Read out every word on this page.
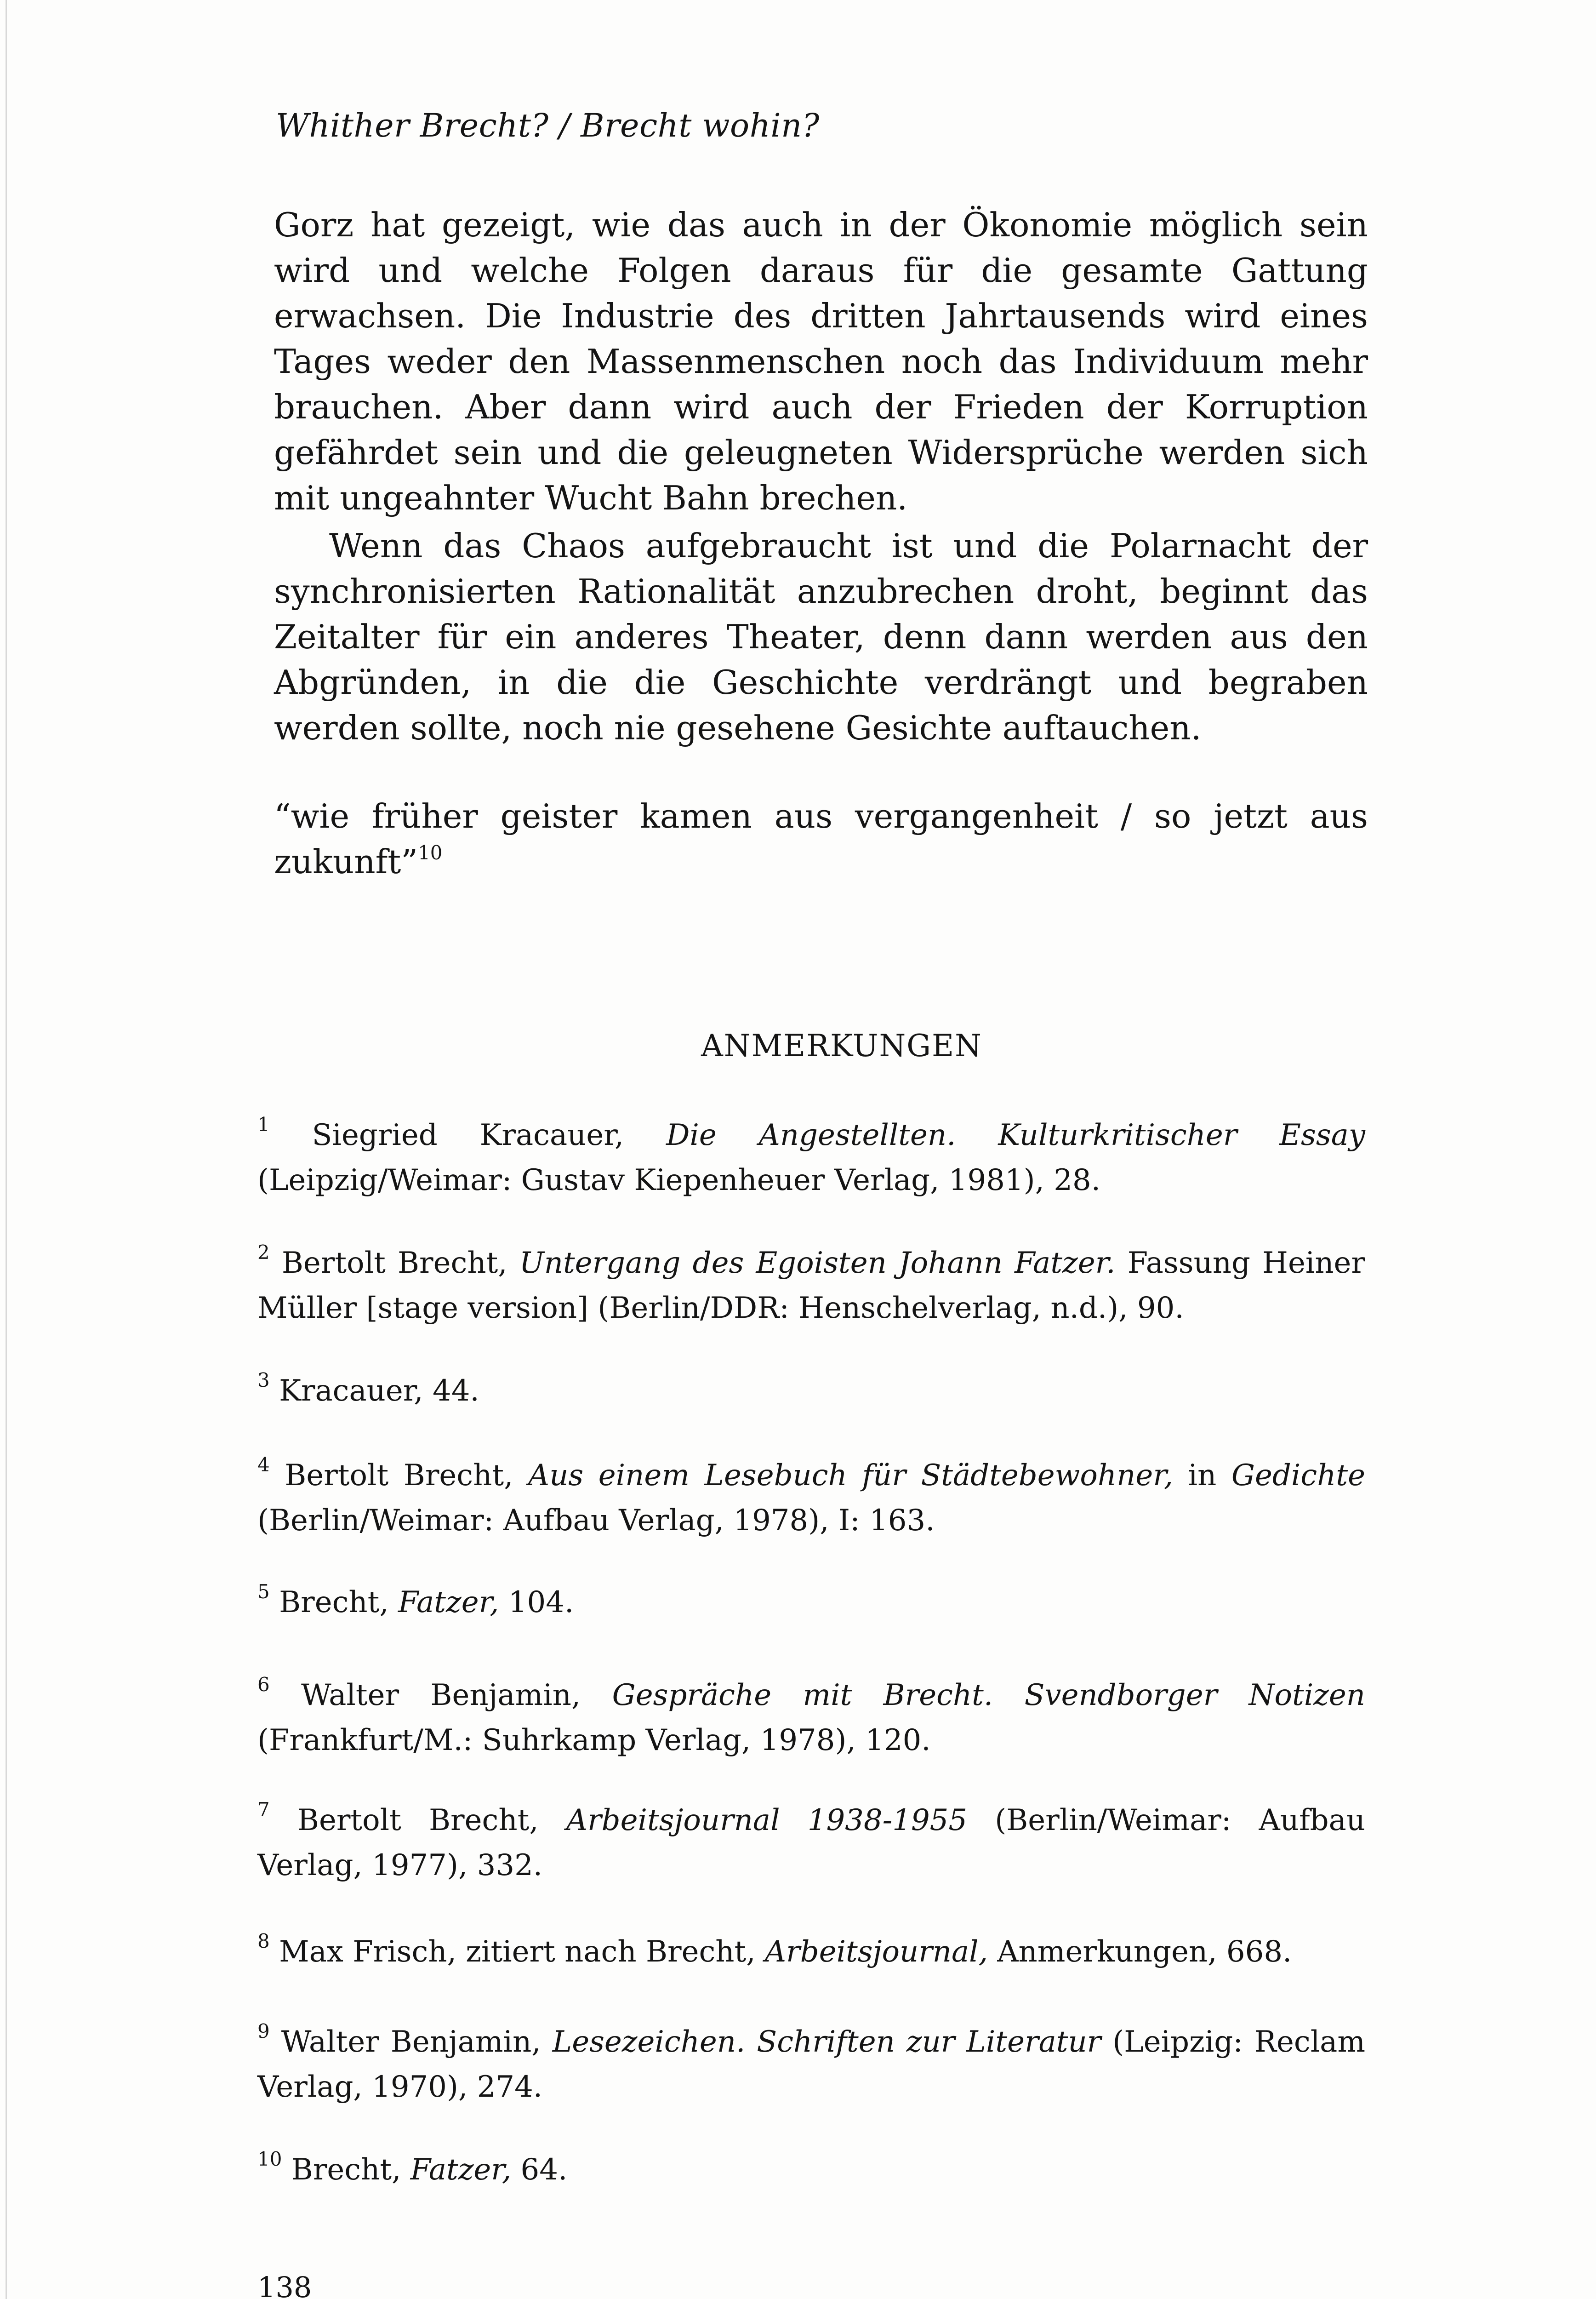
Whither Brecht? / Brecht wohin?

Gorz hat gezeigt, wie das auch in der Ökonomie möglich sein wird und welche Folgen daraus für die gesamte Gattung erwachsen. Die Industrie des dritten Jahrtausends wird eines Tages weder den Massenmenschen noch das Individuum mehr brauchen. Aber dann wird auch der Frieden der Korruption gefährdet sein und die geleugneten Widersprüche werden sich mit ungeahnter Wucht Bahn brechen.

Wenn das Chaos aufgebraucht ist und die Polarnacht der synchronisierten Rationalität anzubrechen droht, beginnt das Zeitalter für ein anderes Theater, denn dann werden aus den Abgründen, in die die Geschichte verdrängt und begraben werden sollte, noch nie gesehene Gesichte auftauchen.

“wie früher geister kamen aus vergangenheit / so jetzt aus zukunft”$^{10}$

ANMERKUNGEN
$^1$ Siegried Kracauer, Die Angestellten. Kulturkritischer Essay (Leipzig/Weimar: Gustav Kiepenheuer Verlag, 1981), 28.
$^2$ Bertolt Brecht, Untergang des Egoisten Johann Fatzer. Fassung Heiner Müller [stage version] (Berlin/DDR: Henschelverlag, n.d.), 90.
$^3$ Kracauer, 44.
$^4$ Bertolt Brecht, Aus einem Lesebuch für Städtebewohner, in Gedichte (Berlin/Weimar: Aufbau Verlag, 1978), I: 163.
$^5$ Brecht, Fatzer, 104.
$^6$ Walter Benjamin, Gespräche mit Brecht. Svendborger Notizen (Frankfurt/M.: Suhrkamp Verlag, 1978), 120.
$^7$ Bertolt Brecht, Arbeitsjournal 1938-1955 (Berlin/Weimar: Aufbau Verlag, 1977), 332.
$^8$ Max Frisch, zitiert nach Brecht, Arbeitsjournal, Anmerkungen, 668.
$^9$ Walter Benjamin, Lesezeichen. Schriften zur Literatur (Leipzig: Reclam Verlag, 1970), 274.
$^{10}$ Brecht, Fatzer, 64.
138
